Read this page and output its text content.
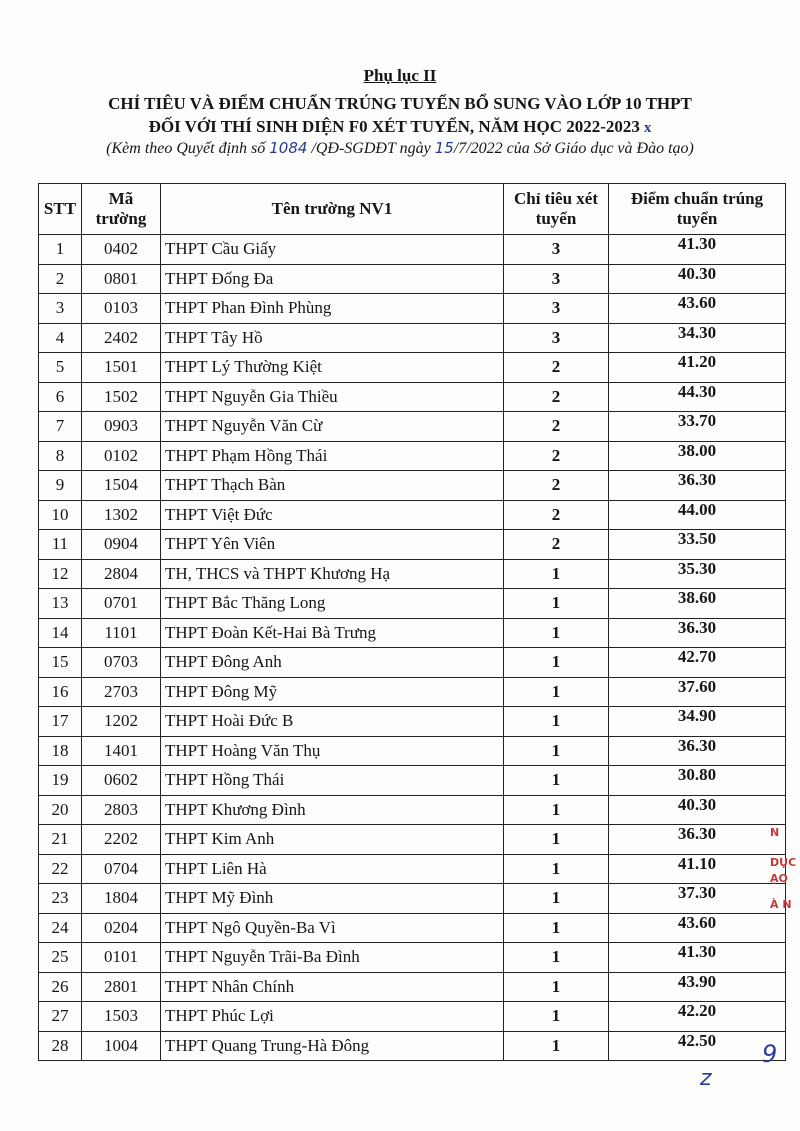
Phụ lục II
CHỈ TIÊU VÀ ĐIỂM CHUẨN TRÚNG TUYỂN BỔ SUNG VÀO LỚP 10 THPT
ĐỐI VỚI THÍ SINH DIỆN F0 XÉT TUYỂN, NĂM HỌC 2022-2023 x
(Kèm theo Quyết định số 1084 /QĐ-SGDĐT ngày 15/7/2022 của Sở Giáo dục và Đào tạo)
STT	Mã trường	Tên trường NV1	Chỉ tiêu xét tuyển	Điểm chuẩn trúng tuyển
1	0402	THPT Cầu Giấy	3	41.30
2	0801	THPT Đống Đa	3	40.30
3	0103	THPT Phan Đình Phùng	3	43.60
4	2402	THPT Tây Hồ	3	34.30
5	1501	THPT Lý Thường Kiệt	2	41.20
6	1502	THPT Nguyễn Gia Thiều	2	44.30
7	0903	THPT Nguyễn Văn Cừ	2	33.70
8	0102	THPT Phạm Hồng Thái	2	38.00
9	1504	THPT Thạch Bàn	2	36.30
10	1302	THPT Việt Đức	2	44.00
11	0904	THPT Yên Viên	2	33.50
12	2804	TH, THCS và THPT Khương Hạ	1	35.30
13	0701	THPT Bắc Thăng Long	1	38.60
14	1101	THPT Đoàn Kết-Hai Bà Trưng	1	36.30
15	0703	THPT Đông Anh	1	42.70
16	2703	THPT Đông Mỹ	1	37.60
17	1202	THPT Hoài Đức B	1	34.90
18	1401	THPT Hoàng Văn Thụ	1	36.30
19	0602	THPT Hồng Thái	1	30.80
20	2803	THPT Khương Đình	1	40.30
21	2202	THPT Kim Anh	1	36.30
22	0704	THPT Liên Hà	1	41.10
23	1804	THPT Mỹ Đình	1	37.30
24	0204	THPT Ngô Quyền-Ba Vì	1	43.60
25	0101	THPT Nguyễn Trãi-Ba Đình	1	41.30
26	2801	THPT Nhân Chính	1	43.90
27	1503	THPT Phúc Lợi	1	42.20
28	1004	THPT Quang Trung-Hà Đông	1	42.50
N
DỤC
ẠO
À N
z
9
